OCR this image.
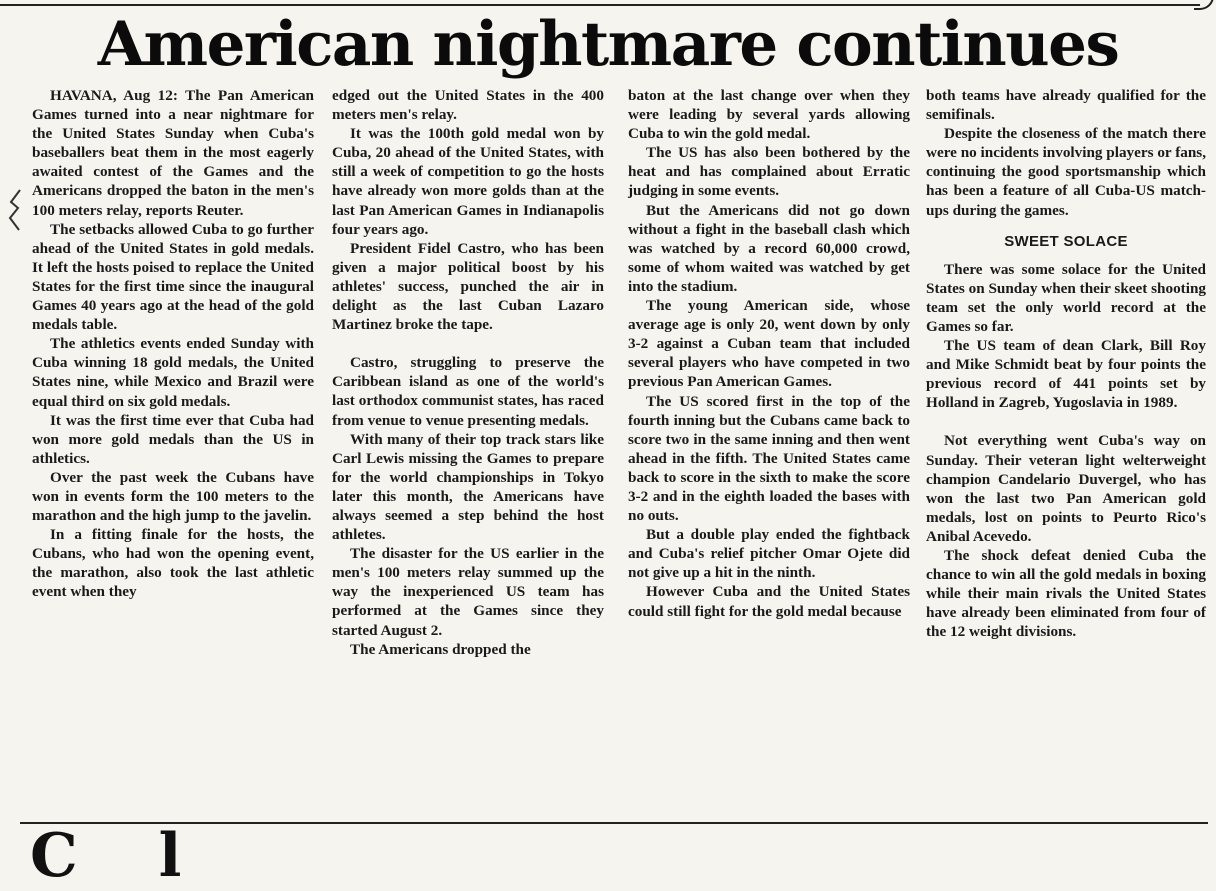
American nightmare continues

HAVANA, Aug 12: The Pan American Games turned into a near nightmare for the United States Sunday when Cuba's baseballers beat them in the most eagerly awaited contest of the Games and the Americans dropped the baton in the men's 100 meters relay, reports Reuter.

The setbacks allowed Cuba to go further ahead of the United States in gold medals. It left the hosts poised to replace the United States for the first time since the inaugural Games 40 years ago at the head of the gold medals table.

The athletics events ended Sunday with Cuba winning 18 gold medals, the United States nine, while Mexico and Brazil were equal third on six gold medals.

It was the first time ever that Cuba had won more gold medals than the US in athletics.

Over the past week the Cubans have won in events form the 100 meters to the marathon and the high jump to the javelin.

In a fitting finale for the hosts, the Cubans, who had won the opening event, the marathon, also took the last athletic event when they

edged out the United States in the 400 meters men's relay.

It was the 100th gold medal won by Cuba, 20 ahead of the United States, with still a week of competition to go the hosts have already won more golds than at the last Pan American Games in Indianapolis four years ago.

President Fidel Castro, who has been given a major political boost by his athletes' success, punched the air in delight as the last Cuban Lazaro Martinez broke the tape.

Castro, struggling to preserve the Caribbean island as one of the world's last orthodox communist states, has raced from venue to venue presenting medals.

With many of their top track stars like Carl Lewis missing the Games to prepare for the world championships in Tokyo later this month, the Americans have always seemed a step behind the host athletes.

The disaster for the US earlier in the men's 100 meters relay summed up the way the inexperienced US team has performed at the Games since they started August 2.

The Americans dropped the

baton at the last change over when they were leading by several yards allowing Cuba to win the gold medal.

The US has also been bothered by the heat and has complained about Erratic judging in some events.

But the Americans did not go down without a fight in the baseball clash which was watched by a record 60,000 crowd, some of whom waited was watched by get into the stadium.

The young American side, whose average age is only 20, went down by only 3-2 against a Cuban team that included several players who have competed in two previous Pan American Games.

The US scored first in the top of the fourth inning but the Cubans came back to score two in the same inning and then went ahead in the fifth. The United States came back to score in the sixth to make the score 3-2 and in the eighth loaded the bases with no outs.

But a double play ended the fightback and Cuba's relief pitcher Omar Ojete did not give up a hit in the ninth.

However Cuba and the United States could still fight for the gold medal because

both teams have already qualified for the semifinals.

Despite the closeness of the match there were no incidents involving players or fans, continuing the good sportsmanship which has been a feature of all Cuba-US match-ups during the games.

SWEET SOLACE

There was some solace for the United States on Sunday when their skeet shooting team set the only world record at the Games so far.

The US team of dean Clark, Bill Roy and Mike Schmidt beat by four points the previous record of 441 points set by Holland in Zagreb, Yugoslavia in 1989.

Not everything went Cuba's way on Sunday. Their veteran light welterweight champion Candelario Duvergel, who has won the last two Pan American gold medals, lost on points to Peurto Rico's Anibal Acevedo.

The shock defeat denied Cuba the chance to win all the gold medals in boxing while their main rivals the United States have already been eliminated from four of the 12 weight divisions.

C l
